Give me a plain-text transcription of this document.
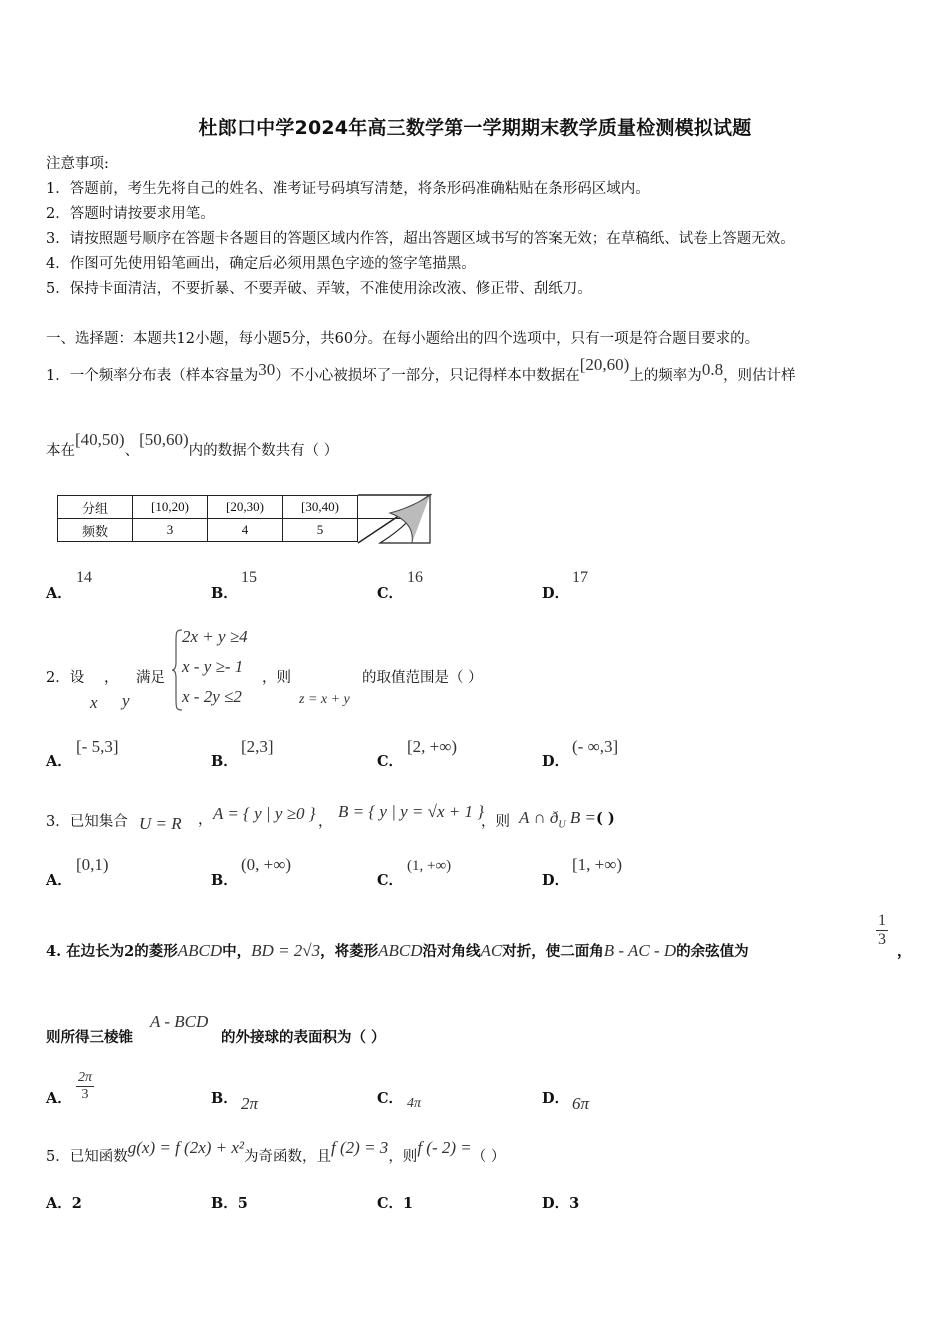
杜郎口中学2024年高三数学第一学期期末教学质量检测模拟试题
注意事项:
1．答题前，考生先将自己的姓名、准考证号码填写清楚，将条形码准确粘贴在条形码区域内。
2．答题时请按要求用笔。
3．请按照题号顺序在答题卡各题目的答题区域内作答，超出答题区域书写的答案无效；在草稿纸、试卷上答题无效。
4．作图可先使用铅笔画出，确定后必须用黑色字迹的签字笔描黑。
5．保持卡面清洁，不要折暴、不要弄破、弄皱，不准使用涂改液、修正带、刮纸刀。
一、选择题：本题共12小题，每小题5分，共60分。在每小题给出的四个选项中，只有一项是符合题目要求的。
1．一个频率分布表（样本容量为30）不小心被损坏了一部分，只记得样本中数据在[20,60)上的频率为0.8，则估计样
本在[40,50)、[50,60)内的数据个数共有（ ）
分组	[10,20)	[20,30)	[30,40)	
频数	3	4	5	
A．
14
B．
15
C．
16
D．
17
2．设
x
，
y
满足
2x + y ≥4
x - y ≥- 1
x - 2y ≤2
，则
z = x + y
的取值范围是（ ）
A．
[- 5,3]
B．
[2,3]
C．
[2, +∞)
D．
(- ∞,3]
3．已知集合 U = R ， A = { y | y ≥0 } ，
B = { y | y = √x + 1 }
，则 A ∩ $ð_U$ B = ( )
A．
[0,1)
B．
(0, +∞)
C．
(1, +∞)
D．
[1, +∞)
4. 在边长为2的菱形ABCD中，BD = 2√3，将菱形ABCD沿对角线AC对折，使二面角B - AC - D的余弦值为
$\frac{1}{3}$
，
则所得三棱锥
A - BCD
的外接球的表面积为（ ）
A． $\frac{2\pi}{3}$	B． 2π	C． 4π	D． 6π
5．已知函数g(x) = f (2x) + x²为奇函数，且f (2) = 3，则f (- 2) =（ ）
A．2	B．5	C．1	D．3
